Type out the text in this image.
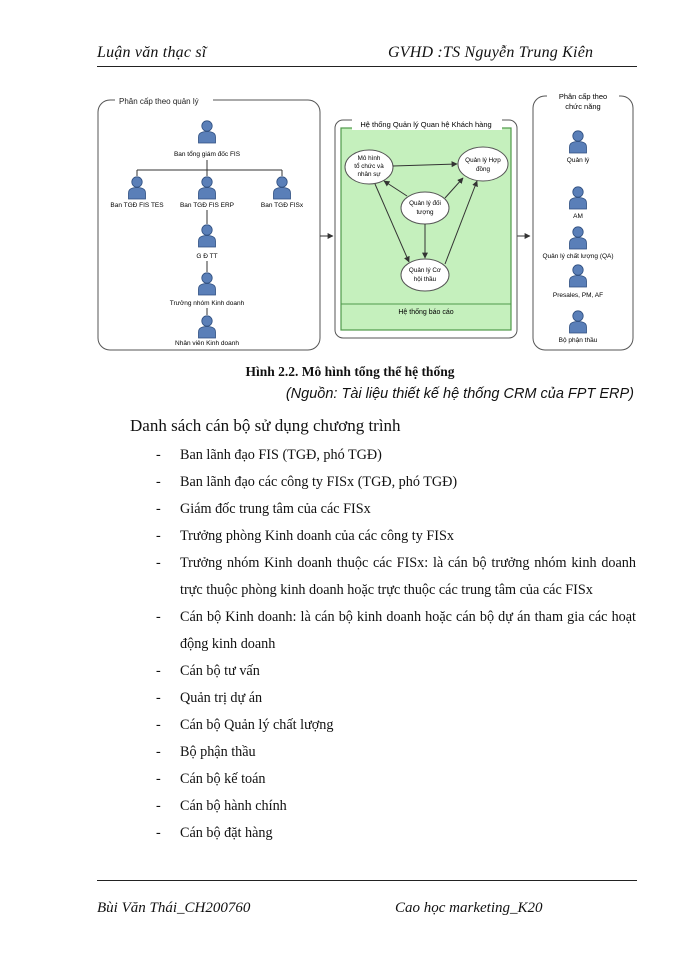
Luận văn thạc sĩ	GVHD :TS Nguyễn Trung Kiên
Phân cấp theo quản lý
Ban tổng giám đốc FIS
Ban TGĐ FIS TES	Ban TGĐ FIS ERP	Ban TGĐ FISx
G Đ TT
Trưởng nhóm Kinh doanh
Nhân viên Kinh doanh
Hệ thống Quản lý Quan hệ Khách hàng
Mô hình
tổ chức và
nhân sự
Quản lý Hợp
đồng
Quản lý đối
tượng
Quản lý Cơ
hội thầu
Hệ thống báo cáo
Phân cấp theo
chức năng
Quản lý
AM
Quản lý chất lượng (QA)
Presales, PM, AF
Bộ phận thầu
Hình 2.2. Mô hình tổng thể hệ thống
(Nguồn: Tài liệu thiết kế hệ thống CRM của FPT ERP)
Danh sách cán bộ sử dụng chương trình
- Ban lãnh đạo FIS (TGĐ, phó TGĐ)
- Ban lãnh đạo các công ty FISx (TGĐ, phó TGĐ)
- Giám đốc trung tâm của các FISx
- Trưởng phòng Kinh doanh của các công ty FISx
- Trưởng nhóm Kinh doanh thuộc các FISx: là cán bộ trưởng nhóm kinh doanh trực thuộc phòng kinh doanh hoặc trực thuộc các trung tâm của các FISx
- Cán bộ Kinh doanh: là cán bộ kinh doanh hoặc cán bộ dự án tham gia các hoạt động kinh doanh
- Cán bộ tư vấn
- Quản trị dự án
- Cán bộ Quản lý chất lượng
- Bộ phận thầu
- Cán bộ kế toán
- Cán bộ hành chính
- Cán bộ đặt hàng
Bùi Văn Thái_CH200760	Cao học marketing_K20
